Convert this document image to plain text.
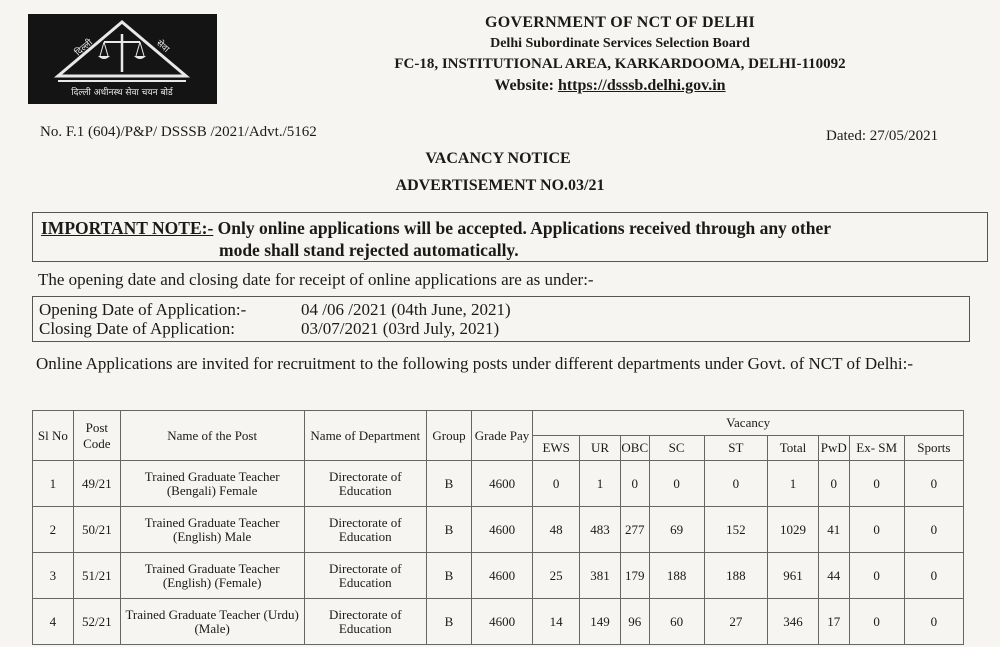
दिल्ली	सेवा
दिल्ली अधीनस्थ सेवा चयन बोर्ड
GOVERNMENT OF NCT OF DELHI
Delhi Subordinate Services Selection Board
FC-18, INSTITUTIONAL AREA, KARKARDOOMA, DELHI-110092
Website: https://dsssb.delhi.gov.in
No. F.1 (604)/P&P/ DSSSB /2021/Advt./5162	Dated: 27/05/2021
VACANCY NOTICE
ADVERTISEMENT NO.03/21
IMPORTANT NOTE:- Only online applications will be accepted. Applications received through any other
mode shall stand rejected automatically.
The opening date and closing date for receipt of online applications are as under:-
Opening Date of Application:-	04 /06 /2021 (04th June, 2021)
Closing Date of Application:	03/07/2021 (03rd July, 2021)
Online Applications are invited for recruitment to the following posts under different departments under Govt. of NCT of Delhi:-
Sl No	Post Code	Name of the Post	Name of Department	Group	Grade Pay	Vacancy								
						EWS	UR	OBC	SC	ST	Total	PwD	Ex- SM	Sports
1	49/21	Trained Graduate Teacher (Bengali) Female	Directorate of Education	B	4600	0	1	0	0	0	1	0	0	0
2	50/21	Trained Graduate Teacher (English) Male	Directorate of Education	B	4600	48	483	277	69	152	1029	41	0	0
3	51/21	Trained Graduate Teacher (English) (Female)	Directorate of Education	B	4600	25	381	179	188	188	961	44	0	0
4	52/21	Trained Graduate Teacher (Urdu) (Male)	Directorate of Education	B	4600	14	149	96	60	27	346	17	0	0
